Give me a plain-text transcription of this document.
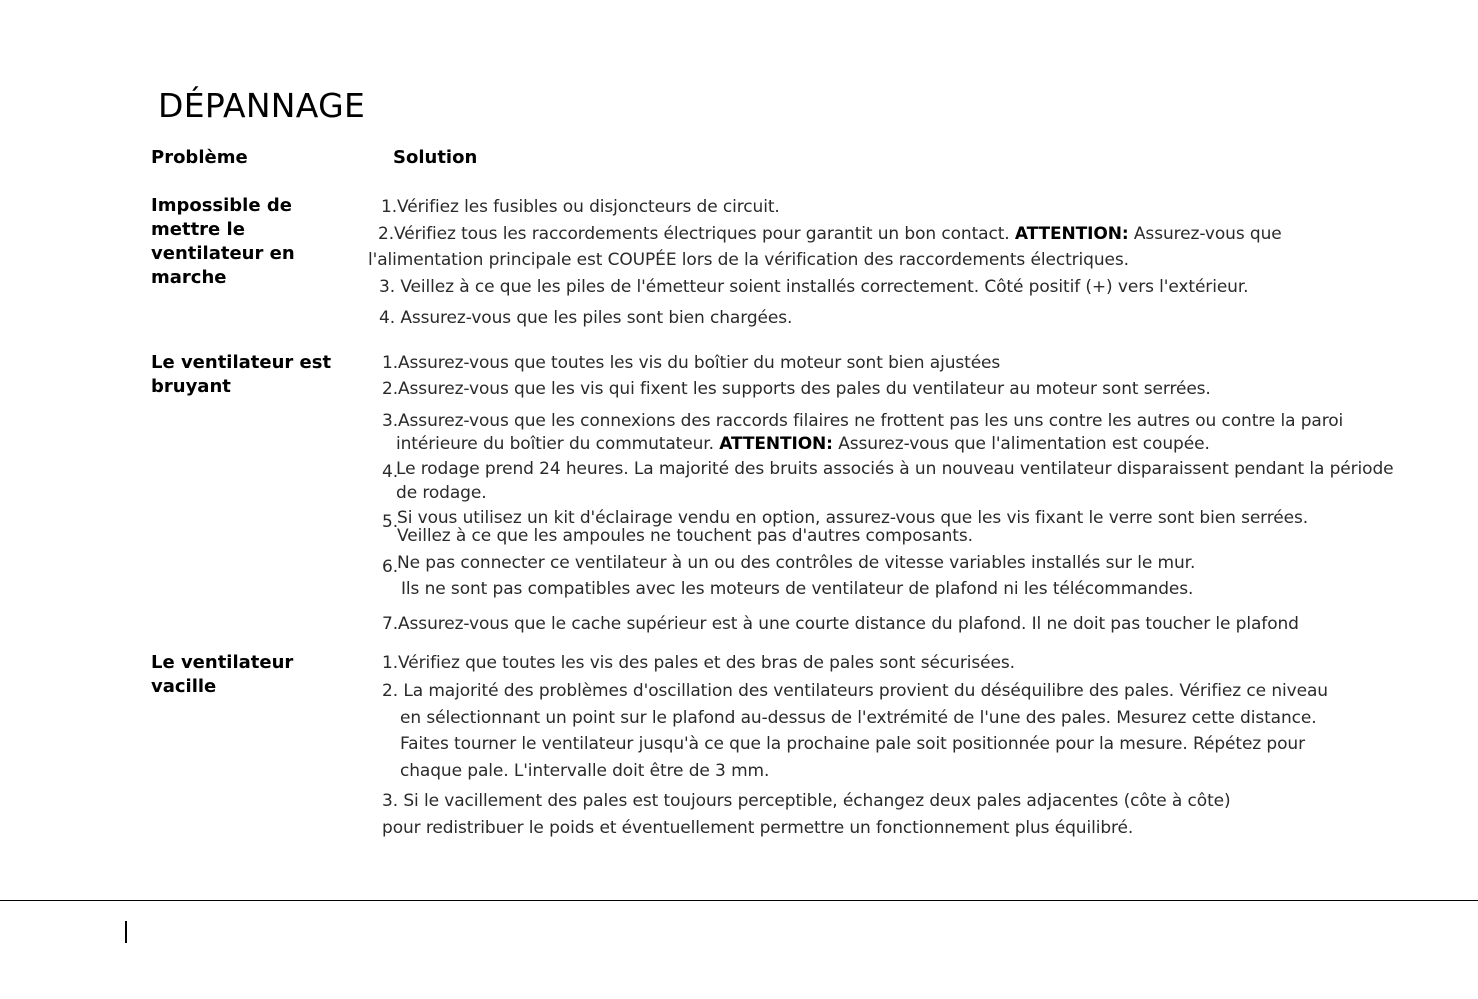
DÉPANNAGE
Problème	Solution
Impossible de mettre le ventilateur en marche
1.Vérifiez les fusibles ou disjoncteurs de circuit.
2.Vérifiez tous les raccordements électriques pour garantit un bon contact. ATTENTION: Assurez-vous que
l'alimentation principale est COUPÉE lors de la vérification des raccordements électriques.
3. Veillez à ce que les piles de l'émetteur soient installés correctement. Côté positif (+) vers l'extérieur.
4. Assurez-vous que les piles sont bien chargées.
Le ventilateur est bruyant
1.Assurez-vous que toutes les vis du boîtier du moteur sont bien ajustées
2.Assurez-vous que les vis qui fixent les supports des pales du ventilateur au moteur sont serrées.
3.Assurez-vous que les connexions des raccords filaires ne frottent pas les uns contre les autres ou contre la paroi
intérieure du boîtier du commutateur. ATTENTION: Assurez-vous que l'alimentation est coupée.
4.
Le rodage prend 24 heures. La majorité des bruits associés à un nouveau ventilateur disparaissent pendant la période
de rodage.
5.
Si vous utilisez un kit d'éclairage vendu en option, assurez-vous que les vis fixant le verre sont bien serrées.
Veillez à ce que les ampoules ne touchent pas d'autres composants.
6.
Ne pas connecter ce ventilateur à un ou des contrôles de vitesse variables installés sur le mur.
Ils ne sont pas compatibles avec les moteurs de ventilateur de plafond ni les télécommandes.
7.Assurez-vous que le cache supérieur est à une courte distance du plafond. Il ne doit pas toucher le plafond
Le ventilateur vacille
1.Vérifiez que toutes les vis des pales et des bras de pales sont sécurisées.
2. La majorité des problèmes d'oscillation des ventilateurs provient du déséquilibre des pales. Vérifiez ce niveau
en sélectionnant un point sur le plafond au-dessus de l'extrémité de l'une des pales. Mesurez cette distance.
Faites tourner le ventilateur jusqu'à ce que la prochaine pale soit positionnée pour la mesure. Répétez pour
chaque pale. L'intervalle doit être de 3 mm.
3. Si le vacillement des pales est toujours perceptible, échangez deux pales adjacentes (côte à côte)
pour redistribuer le poids et éventuellement permettre un fonctionnement plus équilibré.
